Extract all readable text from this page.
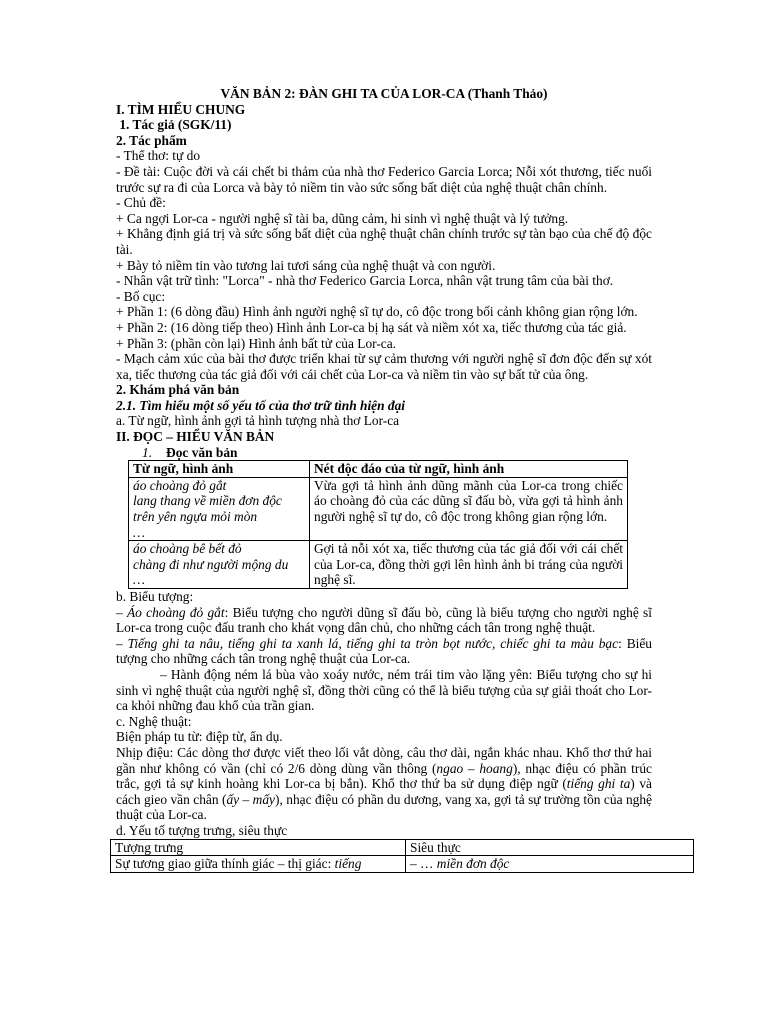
VĂN BẢN 2: ĐÀN GHI TA CỦA LOR-CA (Thanh Thảo)

I. TÌM HIỂU CHUNG

1. Tác giả (SGK/11)

2. Tác phẩm

- Thể thơ: tự do

- Đề tài: Cuộc đời và cái chết bi thảm của nhà thơ Federico Garcia Lorca; Nỗi xót thương, tiếc nuối trước sự ra đi của Lorca và bày tỏ niềm tin vào sức sống bất diệt của nghệ thuật chân chính.

- Chủ đề:

+ Ca ngợi Lor-ca - người nghệ sĩ tài ba, dũng cảm, hi sinh vì nghệ thuật và lý tưởng.

+ Khẳng định giá trị và sức sống bất diệt của nghệ thuật chân chính trước sự tàn bạo của chế độ độc tài.

+ Bày tỏ niềm tin vào tương lai tươi sáng của nghệ thuật và con người.

- Nhân vật trữ tình: "Lorca" - nhà thơ Federico Garcia Lorca, nhân vật trung tâm của bài thơ.

- Bố cục:

+ Phần 1: (6 dòng đầu) Hình ảnh người nghệ sĩ tự do, cô độc trong bối cảnh không gian rộng lớn.

+ Phần 2: (16 dòng tiếp theo) Hình ảnh Lor-ca bị hạ sát và niềm xót xa, tiếc thương của tác giả.

+ Phần 3: (phần còn lại) Hình ảnh bất tử của Lor-ca.

- Mạch cảm xúc của bài thơ được triển khai từ sự cảm thương với người nghệ sĩ đơn độc đến sự xót xa, tiếc thương của tác giả đối với cái chết của Lor-ca và niềm tin vào sự bất tử của ông.

2. Khám phá văn bản

2.1. Tìm hiểu một số yếu tố của thơ trữ tình hiện đại

a. Từ ngữ, hình ảnh gợi tả hình tượng nhà thơ Lor-ca

II. ĐỌC – HIỂU VĂN BẢN

1. Đọc văn bản

Từ ngữ, hình ảnh	Nét độc đáo của từ ngữ, hình ảnh

áo choàng đỏ gắt
lang thang về miền đơn độc
trên yên ngựa mỏi mòn
…	Vừa gợi tả hình ảnh dũng mãnh của Lor-ca trong chiếc áo choàng đỏ của các dũng sĩ đấu bò, vừa gợi tả hình ảnh người nghệ sĩ tự do, cô độc trong không gian rộng lớn.

áo choàng bê bết đỏ
chàng đi như người mộng du
…	Gợi tả nỗi xót xa, tiếc thương của tác giả đối với cái chết của Lor-ca, đồng thời gợi lên hình ảnh bi tráng của người nghệ sĩ.

b. Biểu tượng:

– Áo choàng đỏ gắt: Biểu tượng cho người dũng sĩ đấu bò, cũng là biểu tượng cho người nghệ sĩ Lor-ca trong cuộc đấu tranh cho khát vọng dân chủ, cho những cách tân trong nghệ thuật.

– Tiếng ghi ta nâu, tiếng ghi ta xanh lá, tiếng ghi ta tròn bọt nước, chiếc ghi ta màu bạc: Biểu tượng cho những cách tân trong nghệ thuật của Lor-ca.

– Hành động ném lá bùa vào xoáy nước, ném trái tim vào lặng yên: Biểu tượng cho sự hi sinh vì nghệ thuật của người nghệ sĩ, đồng thời cũng có thể là biểu tượng của sự giải thoát cho Lor-ca khỏi những đau khổ của trần gian.

c. Nghệ thuật:

Biện pháp tu từ: điệp từ, ẩn dụ.

Nhịp điệu: Các dòng thơ được viết theo lối vắt dòng, câu thơ dài, ngắn khác nhau. Khổ thơ thứ hai gần như không có vần (chỉ có 2/6 dòng dùng vần thông (ngao – hoang), nhạc điệu có phần trúc trắc, gợi tả sự kinh hoàng khi Lor-ca bị bắn). Khổ thơ thứ ba sử dụng điệp ngữ (tiếng ghi ta) và cách gieo vần chân (ấy – mấy), nhạc điệu có phần du dương, vang xa, gợi tả sự trường tồn của nghệ thuật của Lor-ca.

d. Yếu tố tượng trưng, siêu thực

Tượng trưng	Siêu thực
Sự tương giao giữa thính giác – thị giác: tiếng	– … miền đơn độc
